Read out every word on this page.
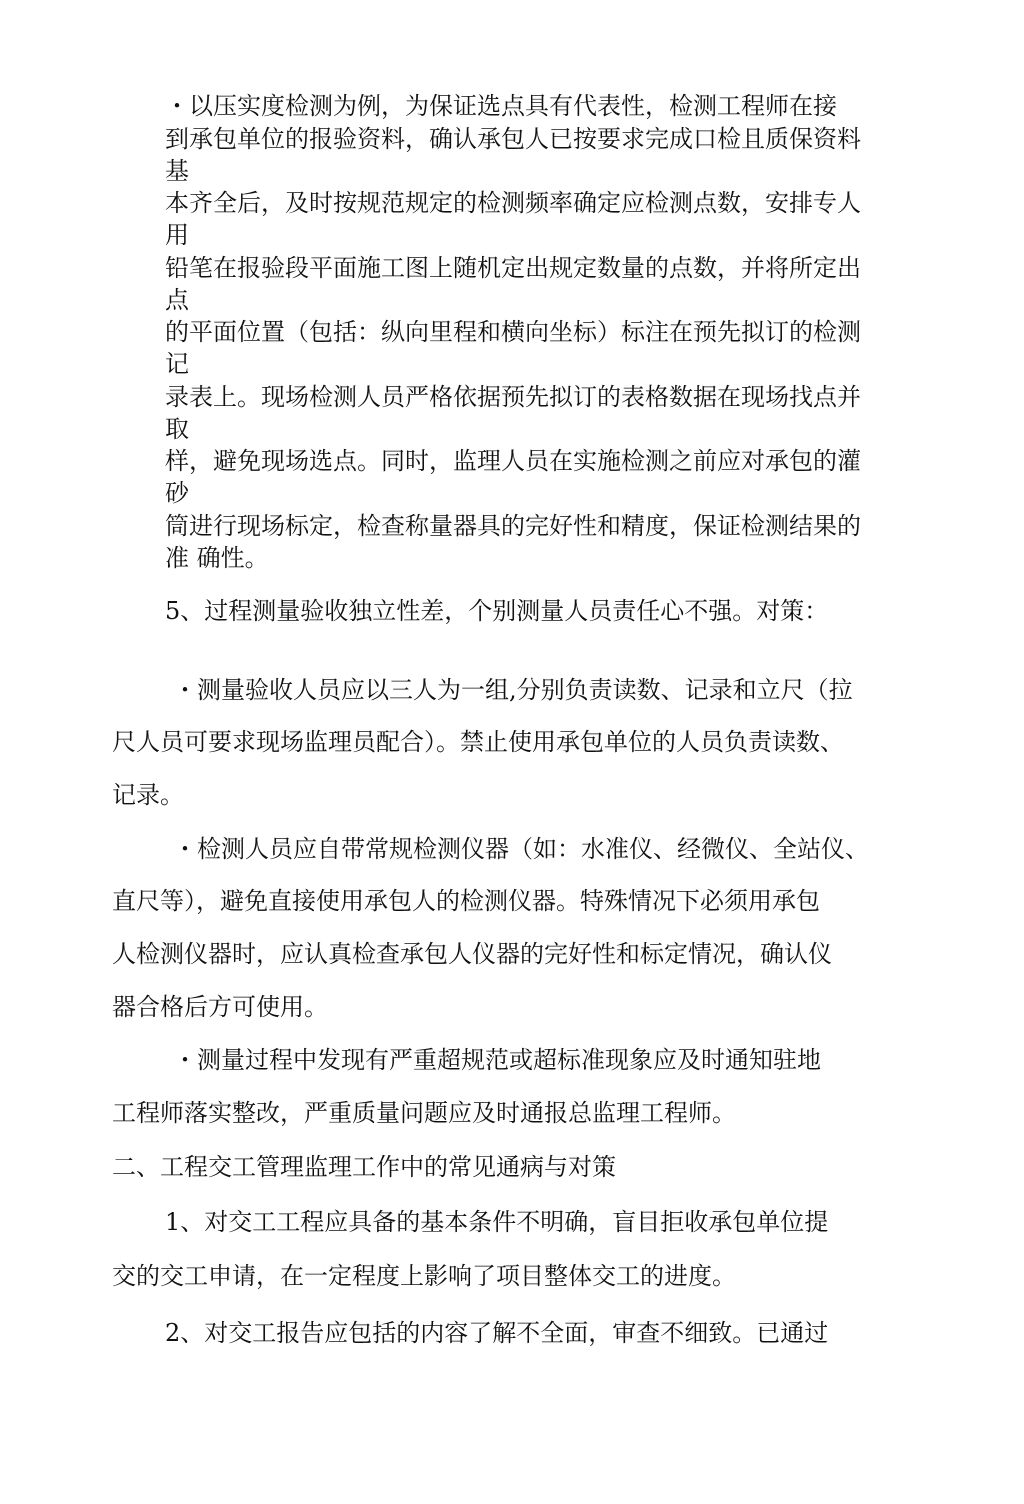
・以压实度检测为例，为保证选点具有代表性，检测工程师在接
到承包单位的报验资料，确认承包人已按要求完成口检且质保资料
基
本齐全后，及时按规范规定的检测频率确定应检测点数，安排专人
用
铅笔在报验段平面施工图上随机定出规定数量的点数，并将所定出
点
的平面位置（包括：纵向里程和横向坐标）标注在预先拟订的检测
记
录表上。现场检测人员严格依据预先拟订的表格数据在现场找点并
取
样，避免现场选点。同时，监理人员在实施检测之前应对承包的灌
砂
筒进行现场标定，检查称量器具的完好性和精度，保证检测结果的
准 确性。
5、过程测量验收独立性差，个别测量人员责任心不强。对策：
・测量验收人员应以三人为一组,分别负责读数、记录和立尺（拉
尺人员可要求现场监理员配合）。禁止使用承包单位的人员负责读数、
记录。
・检测人员应自带常规检测仪器（如：水准仪、经微仪、全站仪、
直尺等），避免直接使用承包人的检测仪器。特殊情况下必须用承包
人检测仪器时，应认真检查承包人仪器的完好性和标定情况，确认仪
器合格后方可使用。
・测量过程中发现有严重超规范或超标准现象应及时通知驻地
工程师落实整改，严重质量问题应及时通报总监理工程师。
二、工程交工管理监理工作中的常见通病与对策
1、对交工工程应具备的基本条件不明确，盲目拒收承包单位提
交的交工申请，在一定程度上影响了项目整体交工的进度。
2、对交工报告应包括的内容了解不全面，审查不细致。已通过
